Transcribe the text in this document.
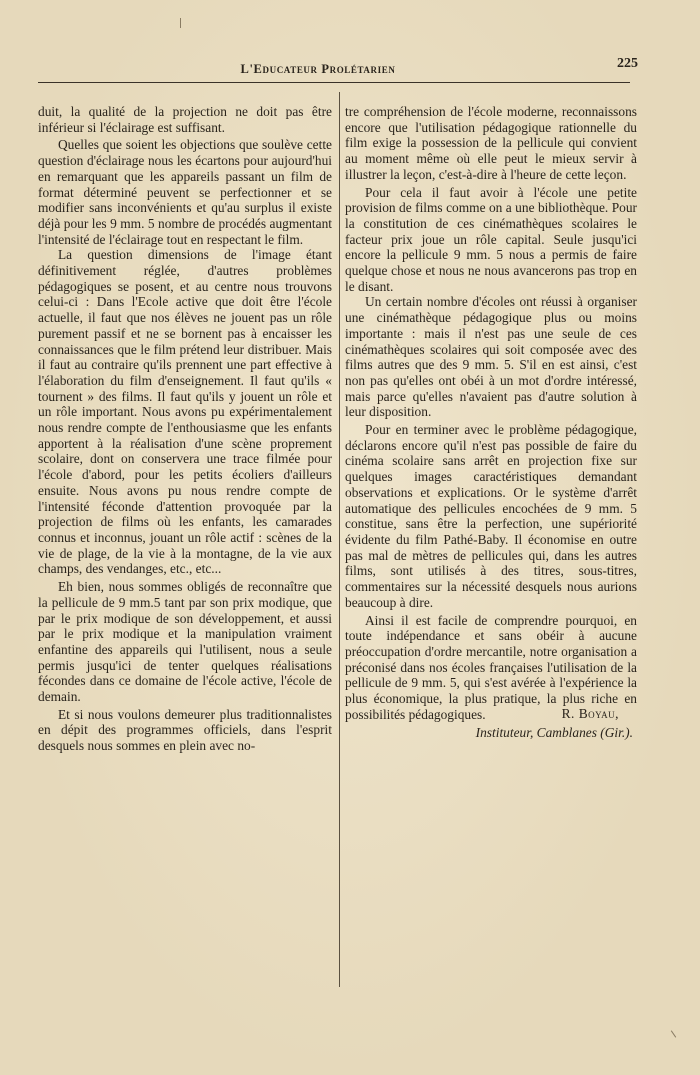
L'Educateur Prolétarien	225

duit, la qualité de la projection ne doit pas être inférieur si l'éclairage est suffisant.

Quelles que soient les objections que soulève cette question d'éclairage nous les écartons pour aujourd'hui en remarquant que les appareils passant un film de format déterminé peuvent se perfectionner et se modifier sans inconvénients et qu'au surplus il existe déjà pour les 9 mm. 5 nombre de procédés augmentant l'intensité de l'éclairage tout en respectant le film.

La question dimensions de l'image étant définitivement réglée, d'autres problèmes pédagogiques se posent, et au centre nous trouvons celui-ci : Dans l'Ecole active que doit être l'école actuelle, il faut que nos élèves ne jouent pas un rôle purement passif et ne se bornent pas à encaisser les connaissances que le film prétend leur distribuer. Mais il faut au contraire qu'ils prennent une part effective à l'élaboration du film d'enseignement. Il faut qu'ils « tournent » des films. Il faut qu'ils y jouent un rôle et un rôle important. Nous avons pu expérimentalement nous rendre compte de l'enthousiasme que les enfants apportent à la réalisation d'une scène proprement scolaire, dont on conservera une trace filmée pour l'école d'abord, pour les petits écoliers d'ailleurs ensuite. Nous avons pu nous rendre compte de l'intensité féconde d'attention provoquée par la projection de films où les enfants, les camarades connus et inconnus, jouant un rôle actif : scènes de la vie de plage, de la vie à la montagne, de la vie aux champs, des vendanges, etc., etc...

Eh bien, nous sommes obligés de reconnaître que la pellicule de 9 mm.5 tant par son prix modique, que par le prix modique de son développement, et aussi par le prix modique et la manipulation vraiment enfantine des appareils qui l'utilisent, nous a seule permis jusqu'ici de tenter quelques réalisations fécondes dans ce domaine de l'école active, l'école de demain.

Et si nous voulons demeurer plus traditionnalistes en dépit des programmes officiels, dans l'esprit desquels nous sommes en plein avec no-

tre compréhension de l'école moderne, reconnaissons encore que l'utilisation pédagogique rationnelle du film exige la possession de la pellicule qui convient au moment même où elle peut le mieux servir à illustrer la leçon, c'est-à-dire à l'heure de cette leçon.

Pour cela il faut avoir à l'école une petite provision de films comme on a une bibliothèque. Pour la constitution de ces cinémathèques scolaires le facteur prix joue un rôle capital. Seule jusqu'ici encore la pellicule 9 mm. 5 nous a permis de faire quelque chose et nous ne nous avancerons pas trop en le disant.

Un certain nombre d'écoles ont réussi à organiser une cinémathèque pédagogique plus ou moins importante : mais il n'est pas une seule de ces cinémathèques scolaires qui soit composée avec des films autres que des 9 mm. 5. S'il en est ainsi, c'est non pas qu'elles ont obéi à un mot d'ordre intéressé, mais parce qu'elles n'avaient pas d'autre solution à leur disposition.

Pour en terminer avec le problème pédagogique, déclarons encore qu'il n'est pas possible de faire du cinéma scolaire sans arrêt en projection fixe sur quelques images caractéristiques demandant observations et explications. Or le système d'arrêt automatique des pellicules encochées de 9 mm. 5 constitue, sans être la perfection, une supériorité évidente du film Pathé-Baby. Il économise en outre pas mal de mètres de pellicules qui, dans les autres films, sont utilisés à des titres, sous-titres, commentaires sur la nécessité desquels nous aurions beaucoup à dire.

Ainsi il est facile de comprendre pourquoi, en toute indépendance et sans obéir à aucune préoccupation d'ordre mercantile, notre organisation a préconisé dans nos écoles françaises l'utilisation de la pellicule de 9 mm. 5, qui s'est avérée à l'expérience la plus économique, la plus pratique, la plus riche en possibilités pédagogiques.	R. Boyau,
Instituteur, Camblanes (Gir.).
